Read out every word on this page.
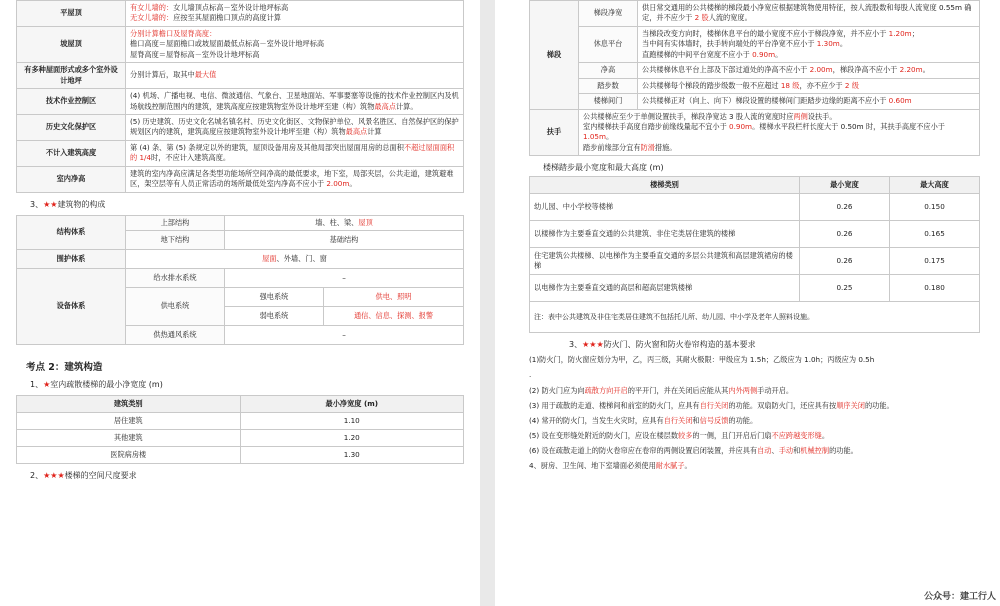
平屋顶	有女儿墙的：女儿墙顶点标高－室外设计地坪标高
无女儿墙的：应按至其屋面檐口顶点的高度计算
坡屋顶	分别计算檐口及屋脊高度：
檐口高度＝屋面檐口或坡屋面最低点标高－室外设计地坪标高
屋脊高度＝屋脊标高－室外设计地坪标高
有多种屋面形式或多个室外设计地坪	分别计算后，取其中最大值
技术作业控制区	(4) 机场、广播电视、电信、微波通信、气象台、卫星地面站、军事要塞等设施的技术作业控制区内及机场航线控制范围内的建筑，建筑高度应按建筑物室外设计地坪至建（构）筑物最高点计算。
历史文化保护区	(5) 历史建筑、历史文化名城名镇名村、历史文化街区、文物保护单位、风景名胜区、自然保护区的保护规划区内的建筑，建筑高度应按建筑物室外设计地坪至建（构）筑物最高点计算
不计入建筑高度	第 (4) 条、第 (5) 条规定以外的建筑，屋顶设备用房及其他局部突出屋面用房的总面积不超过屋面面积的 1/4时，不应计入建筑高度。
室内净高	建筑的室内净高应满足各类型功能场所空间净高的最低要求，地下室，局部夹层，公共走道，建筑避难区，架空层等有人员正常活动的场所最低处室内净高不应小于 2.00m。
3、★★建筑物的构成
结构体系	上部结构	墙、柱、梁、屋顶	
	地下结构	基础结构	
围护体系	屋面、外墙、门、窗		
设备体系	给水排水系统	–	
	供电系统	强电系统	供电、照明
		弱电系统	通信、信息、探测、报警
	供热通风系统	–	
考点 2：建筑构造
1、★室内疏散楼梯的最小净宽度 (m)
建筑类别	最小净宽度 (m)
居住建筑	1.10
其他建筑	1.20
医院病房楼	1.30
2、★★★楼梯的空间尺度要求
梯段	梯段净宽	供日常交通用的公共楼梯的梯段最小净宽应根据建筑物使用特征，按人流股数和每股人流宽度 0.55m 确定，并不应少于 2 股人流的宽度。
	休息平台	当梯段改变方向时，楼梯休息平台的最小宽度不应小于梯段净宽，并不应小于 1.20m；
当中间有实体墙时，扶手转向端处的平台净宽不应小于 1.30m。
直跑楼梯的中间平台宽度不应小于 0.90m。
	净高	公共楼梯休息平台上部及下部过道处的净高不应小于 2.00m，梯段净高不应小于 2.20m。
	踏步数	公共楼梯每个梯段的踏步级数一般不应超过 18 级，亦不应少于 2 级
	楼梯间门	公共楼梯正对（向上、向下）梯段设置的楼梯间门距踏步边缘的距离不应小于 0.60m
扶手	公共楼梯应至少于单侧设置扶手，梯段净宽达 3 股人流的宽度时应两侧设扶手。
室内楼梯扶手高度自踏步前缘线量起不宜小于 0.90m。楼梯水平段栏杆长度大于 0.50m 时，其扶手高度不应小于 1.05m。
踏步前缘部分宜有防滑措施。	
楼梯踏步最小宽度和最大高度 (m)
楼梯类别	最小宽度	最大高度
幼儿园、中小学校等楼梯	0.26	0.150
以楼梯作为主要垂直交通的公共建筑、非住宅类居住建筑的楼梯	0.26	0.165
住宅建筑公共楼梯、以电梯作为主要垂直交通的多层公共建筑和高层建筑裙房的楼梯	0.26	0.175
以电梯作为主要垂直交通的高层和超高层建筑楼梯	0.25	0.180
注：表中公共建筑及非住宅类居住建筑不包括托儿所、幼儿园、中小学及老年人照料设施。		
3、★★★防火门、防火窗和防火卷帘构造的基本要求
(1)防火门，防火窗应划分为甲，乙，丙三级，其耐火极限：甲级应为 1.5h；乙级应为 1.0h；丙级应为 0.5h
.
(2) 防火门应为向疏散方向开启的平开门，并在关闭后应能从其内外两侧手动开启。
(3) 用于疏散的走道、楼梯间和前室的防火门，应具有自行关闭的功能。双扇防火门，还应具有按顺序关闭的功能。
(4) 常开的防火门，当发生火灾时，应具有自行关闭和信号反馈的功能。
(5) 设在变形缝处附近的防火门，应设在楼层数较多的一侧，且门开启后门扇不应跨越变形缝。
(6) 设在疏散走道上的防火卷帘应在卷帘的两侧设置启闭装置，并应具有自动、手动和机械控制的功能。
4、厨房、卫生间、地下室墙面必须使用耐水腻子。
公众号：建工行人
